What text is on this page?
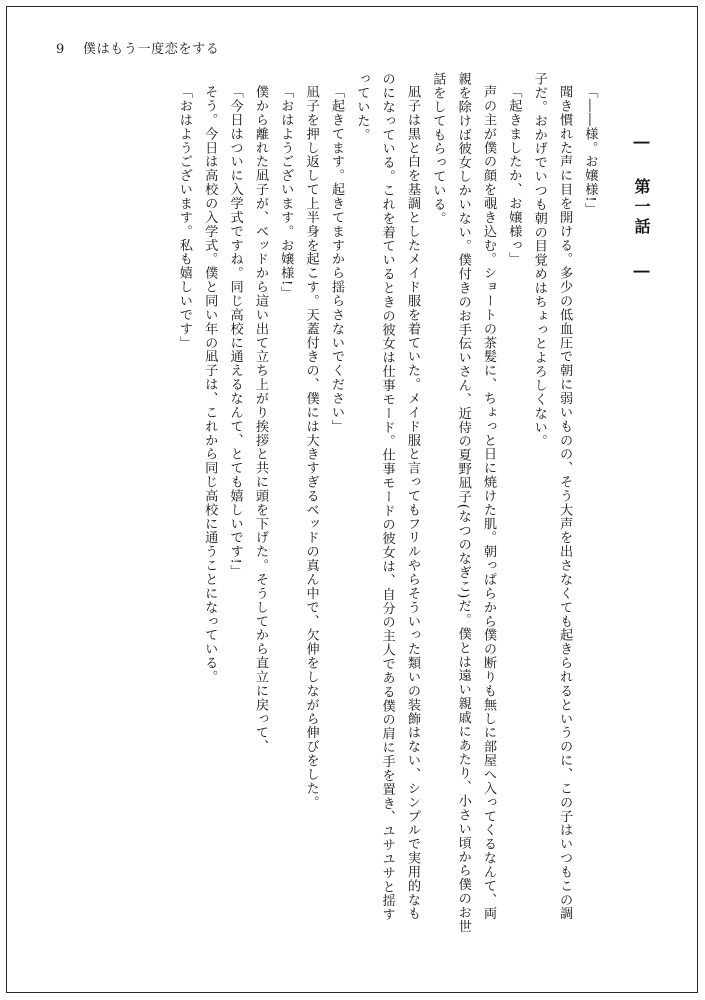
9 僕はもう一度恋をする
― 第一話 ―
「――様。お嬢様!」
聞き慣れた声に目を開ける。多少の低血圧で朝に弱いものの、そう大声を出さなくても起きられるというのに、この子はいつもこの調子だ。おかげでいつも朝の目覚めはちょっとよろしくない。
「起きましたか、お嬢様っ」
声の主が僕の顔を覗き込む。ショートの茶髪に、ちょっと日に焼けた肌。朝っぱらから僕の断りも無しに部屋へ入ってくるなんて、両親を除けば彼女しかいない。僕付きのお手伝いさん、近侍の夏野凪子(なつのなぎこ)だ。僕とは遠い親戚にあたり、小さい頃から僕のお世話をしてもらっている。
凪子は黒と白を基調としたメイド服を着ていた。メイド服と言ってもフリルやらそういった類いの装飾はない、シンプルで実用的なものになっている。これを着ているときの彼女は仕事モード。仕事モードの彼女は、自分の主人である僕の肩に手を置き、ユサユサと揺すっていた。
「起きてます。起きてますから揺らさないでください」
凪子を押し返して上半身を起こす。天蓋付きの、僕には大きすぎるベッドの真ん中で、欠伸をしながら伸びをした。
「おはようございます。お嬢様!」
僕から離れた凪子が、ベッドから這い出て立ち上がり挨拶と共に頭を下げた。そうしてから直立に戻って、
「今日はついに入学式ですね。同じ高校に通えるなんて、とても嬉しいです!」
そう。今日は高校の入学式。僕と同い年の凪子は、これから同じ高校に通うことになっている。
「おはようございます。私も嬉しいです」
